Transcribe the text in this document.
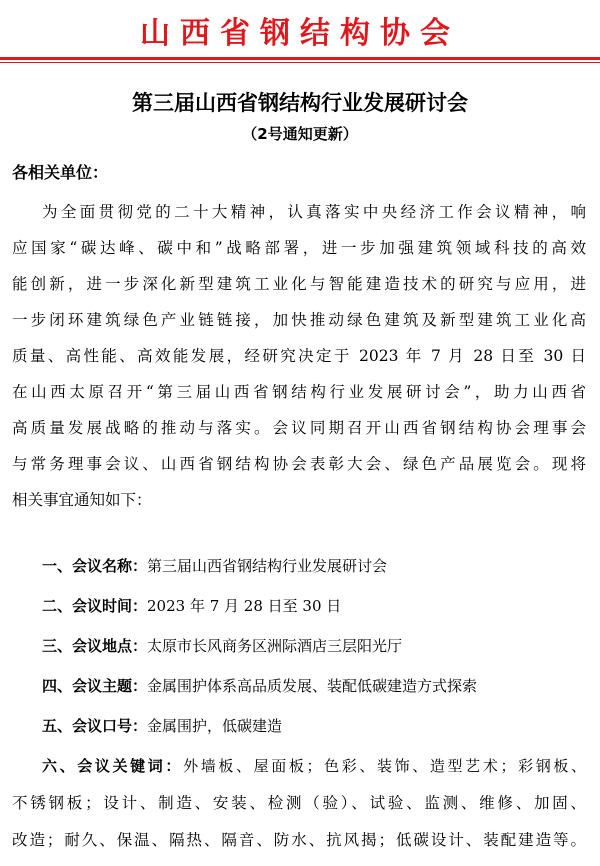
山西省钢结构协会
第三届山西省钢结构行业发展研讨会
（2号通知更新）
各相关单位：
为全面贯彻党的二十大精神，认真落实中央经济工作会议精神，响
应国家“碳达峰、碳中和”战略部署，进一步加强建筑领域科技的高效
能创新，进一步深化新型建筑工业化与智能建造技术的研究与应用，进
一步闭环建筑绿色产业链链接，加快推动绿色建筑及新型建筑工业化高
质量、高性能、高效能发展，经研究决定于 2023 年 7 月 28 日至 30 日
在山西太原召开“第三届山西省钢结构行业发展研讨会”，助力山西省
高质量发展战略的推动与落实。会议同期召开山西省钢结构协会理事会
与常务理事会议、山西省钢结构协会表彰大会、绿色产品展览会。现将
相关事宜通知如下：
一、会议名称：第三届山西省钢结构行业发展研讨会
二、会议时间：2023 年 7 月 28 日至 30 日
三、会议地点：太原市长风商务区洲际酒店三层阳光厅
四、会议主题：金属围护体系高品质发展、装配低碳建造方式探索
五、会议口号：金属围护，低碳建造
六、会议关键词：外墙板、屋面板；色彩、装饰、造型艺术；彩钢板、
不锈钢板；设计、制造、安装、检测（验）、试验、监测、维修、加固、
改造；耐久、保温、隔热、隔音、防水、抗风揭；低碳设计、装配建造等。
